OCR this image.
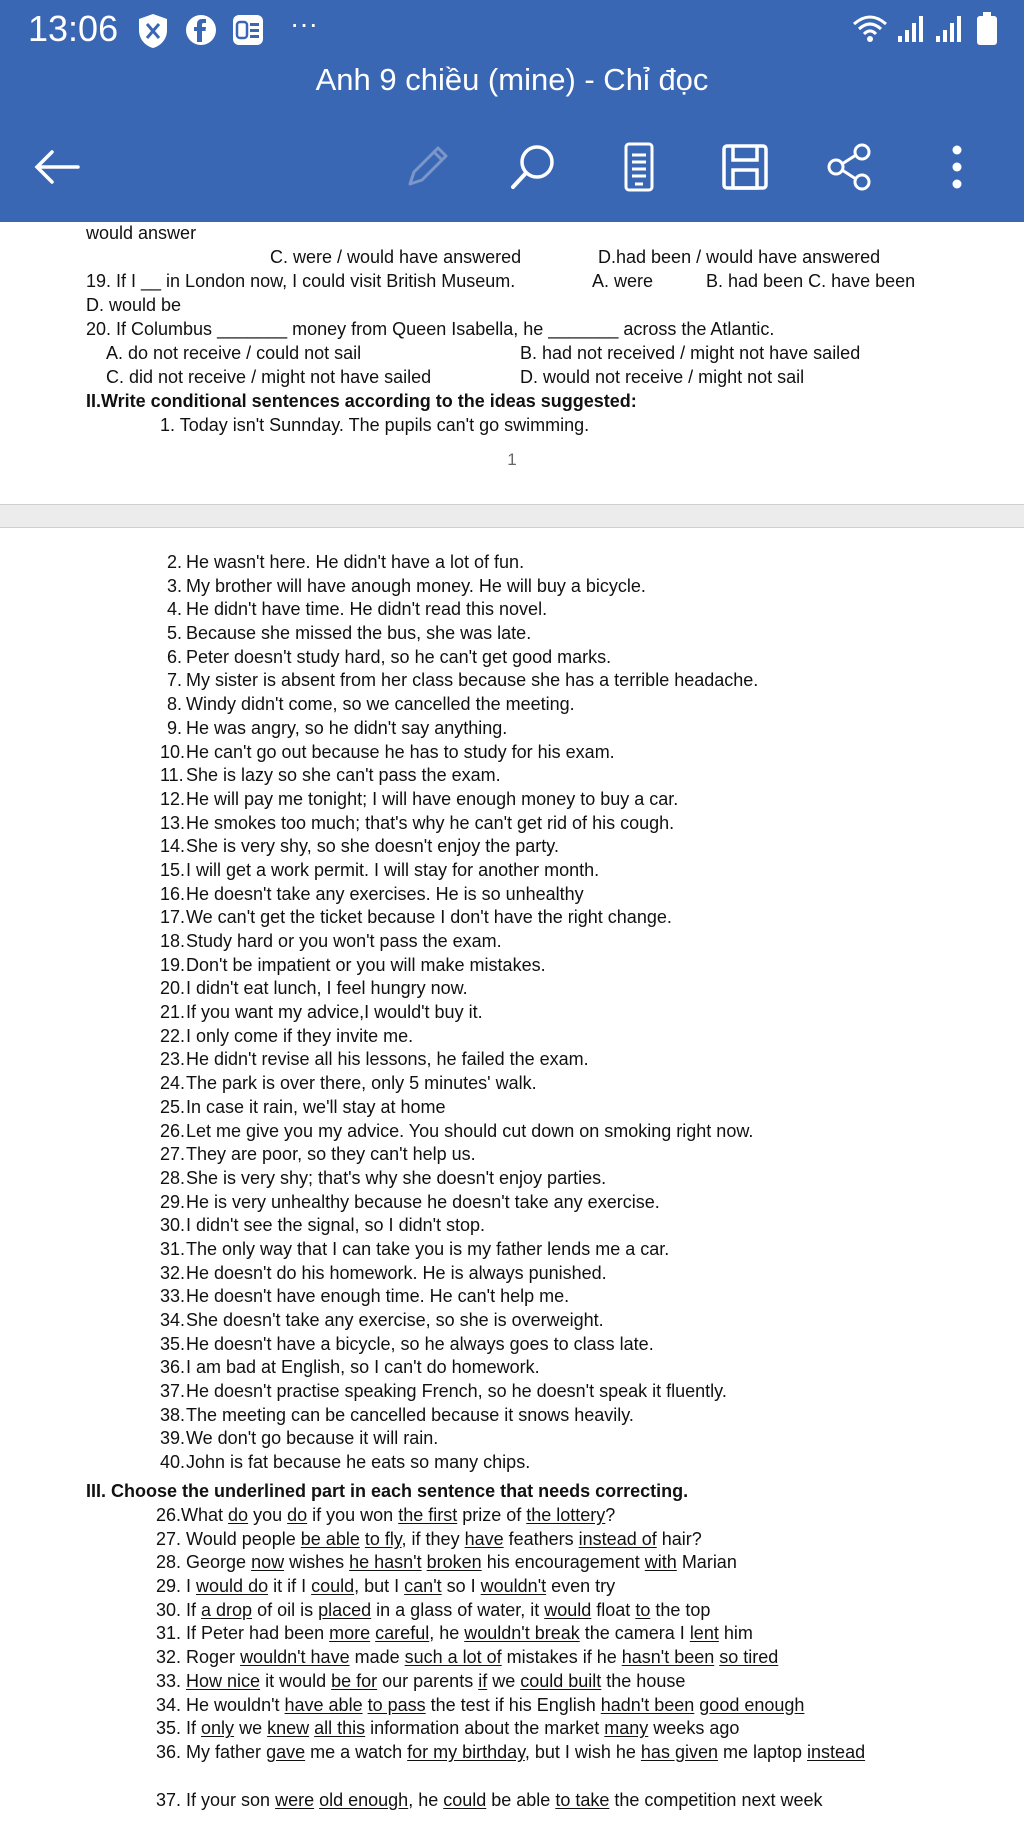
13:06	···
Anh 9 chiều (mine) - Chỉ đọc
would answer
C. were / would have answered	D.had been / would have answered
19. If I __ in London now, I could visit British Museum.	A. were	B. had been C. have been
D. would be
20. If Columbus _______ money from Queen Isabella, he _______ across the Atlantic.
A. do not receive / could not sail	B. had not received / might not have sailed
C. did not receive / might not have sailed	D. would not receive / might not sail
II.Write conditional sentences according to the ideas suggested:
1. Today isn't Sunnday. The pupils can't go swimming.
1
2. He wasn't here. He didn't have a lot of fun.
3. My brother will have anough money. He will buy a bicycle.
4. He didn't have time. He didn't read this novel.
5. Because she missed the bus, she was late.
6. Peter doesn't study hard, so he can't get good marks.
7. My sister is absent from her class because she has a terrible headache.
8. Windy didn't come, so we cancelled the meeting.
9. He was angry, so he didn't say anything.
10.He can't go out because he has to study for his exam.
11. She is lazy so she can't pass the exam.
12.He will pay me tonight; I will have enough money to buy a car.
13.He smokes too much; that's why he can't get rid of his cough.
14.She is very shy, so she doesn't enjoy the party.
15.I will get a work permit. I will stay for another month.
16.He doesn't take any exercises. He is so unhealthy
17.We can't get the ticket because I don't have the right change.
18.Study hard or you won't pass the exam.
19.Don't be impatient or you will make mistakes.
20.I didn't eat lunch, I feel hungry now.
21.If you want my advice,I would't buy it.
22.I only come if they invite me.
23.He didn't revise all his lessons, he failed the exam.
24.The park is over there, only 5 minutes' walk.
25.In case it rain, we'll stay at home
26.Let me give you my advice. You should cut down on smoking right now.
27.They are poor, so they can't help us.
28.She is very shy; that's why she doesn't enjoy parties.
29.He is very unhealthy because he doesn't take any exercise.
30.I didn't see the signal, so I didn't stop.
31.The only way that I can take you is my father lends me a car.
32.He doesn't do his homework. He is always punished.
33.He doesn't have enough time. He can't help me.
34.She doesn't take any exercise, so she is overweight.
35.He doesn't have a bicycle, so he always goes to class late.
36.I am bad at English, so I can't do homework.
37.He doesn't practise speaking French, so he doesn't speak it fluently.
38.The meeting can be cancelled because it snows heavily.
39.We don't go because it will rain.
40.John is fat because he eats so many chips.
III. Choose the underlined part in each sentence that needs correcting.
26.What do you do if you won the first prize of the lottery?
27. Would people be able to fly, if they have feathers instead of hair?
28. George now wishes he hasn't broken his encouragement with Marian
29. I would do it if I could, but I can't so I wouldn't even try
30. If a drop of oil is placed in a glass of water, it would float to the top
31. If Peter had been more careful, he wouldn't break the camera I lent him
32. Roger wouldn't have made such a lot of mistakes if he hasn't been so tired
33. How nice it would be for our parents if we could built the house
34. He wouldn't have able to pass the test if his English hadn't been good enough
35. If only we knew all this information about the market many weeks ago
36. My father gave me a watch for my birthday, but I wish he has given me laptop instead
37. If your son were old enough, he could be able to take the competition next week
